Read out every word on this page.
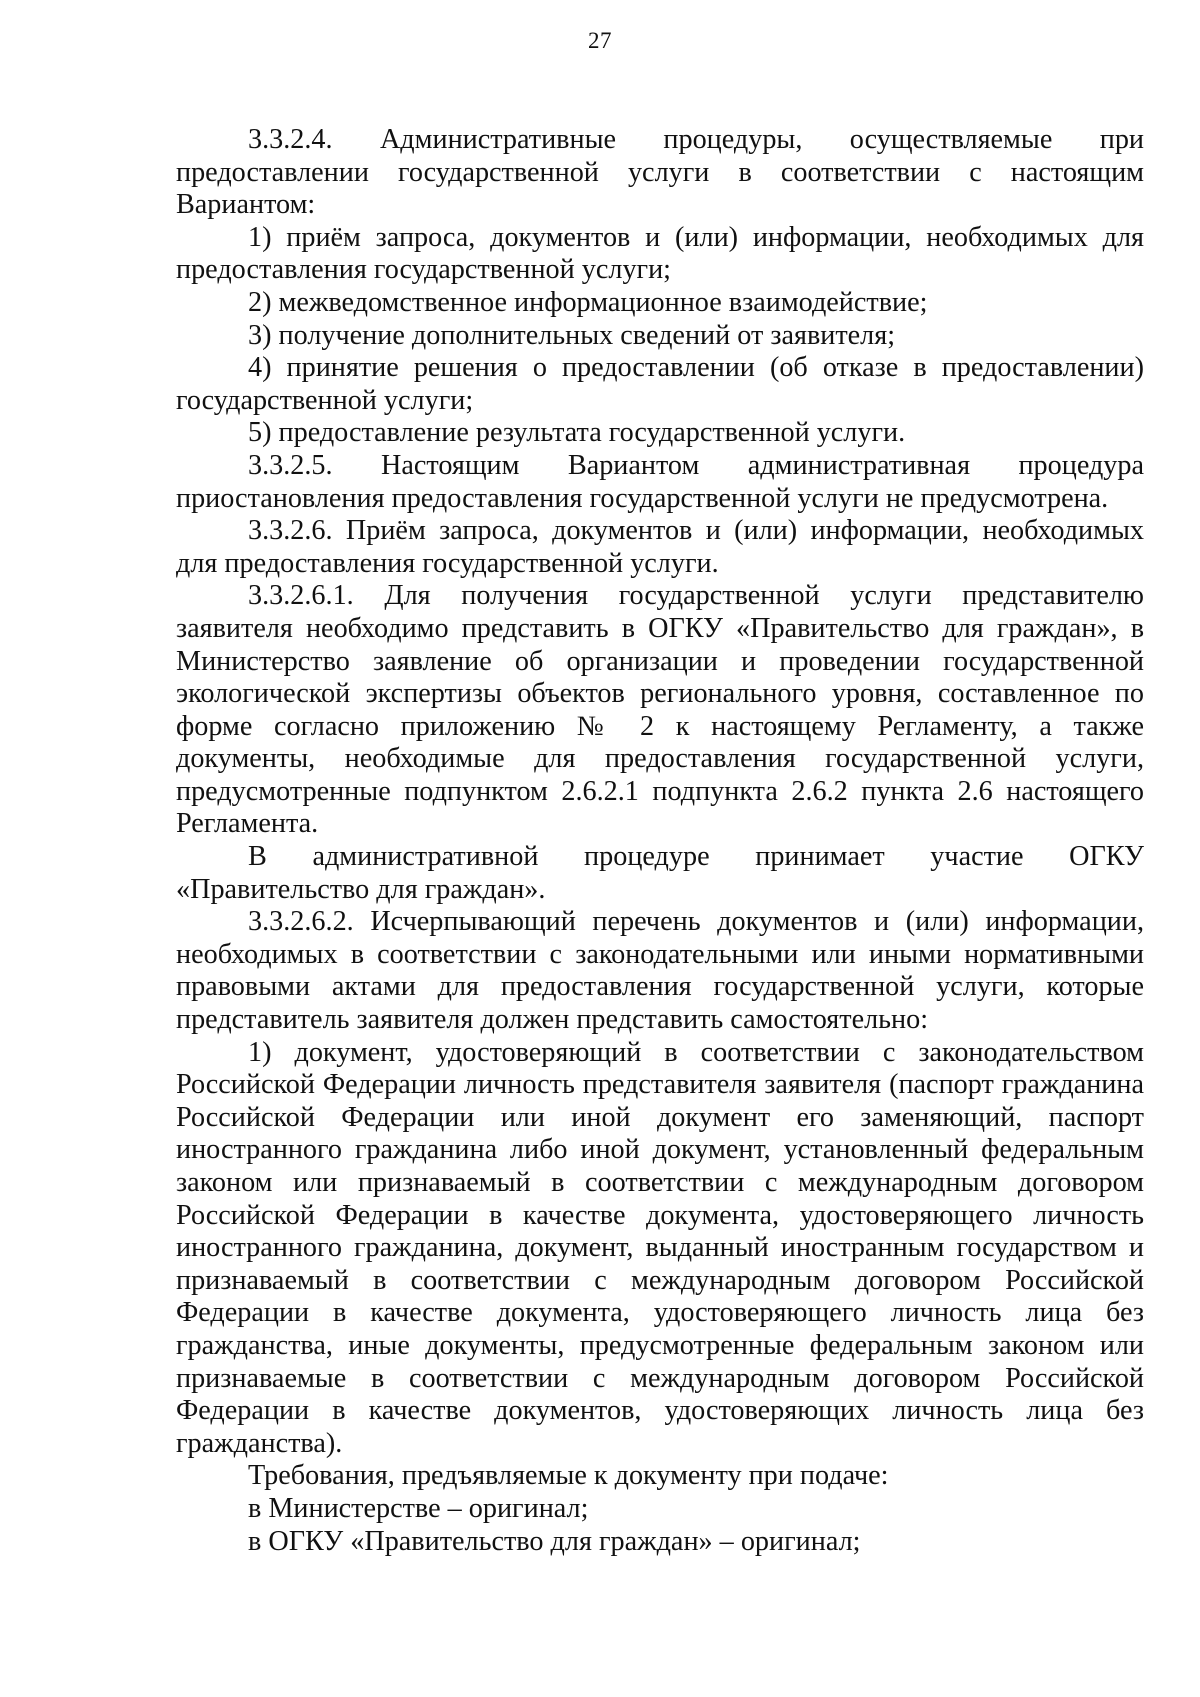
27

3.3.2.4. Административные процедуры, осуществляемые при предоставлении государственной услуги в соответствии с настоящим Вариантом:

1) приём запроса, документов и (или) информации, необходимых для предоставления государственной услуги;

2) межведомственное информационное взаимодействие;

3) получение дополнительных сведений от заявителя;

4) принятие решения о предоставлении (об отказе в предоставлении) государственной услуги;

5) предоставление результата государственной услуги.

3.3.2.5. Настоящим Вариантом административная процедура приостановления предоставления государственной услуги не предусмотрена.

3.3.2.6. Приём запроса, документов и (или) информации, необходимых для предоставления государственной услуги.

3.3.2.6.1. Для получения государственной услуги представителю заявителя необходимо представить в ОГКУ «Правительство для граждан», в Министерство заявление об организации и проведении государственной экологической экспертизы объектов регионального уровня, составленное по форме согласно приложению № 2 к настоящему Регламенту, а также документы, необходимые для предоставления государственной услуги, предусмотренные подпунктом 2.6.2.1 подпункта 2.6.2 пункта 2.6 настоящего Регламента.

В административной процедуре принимает участие ОГКУ «Правительство для граждан».

3.3.2.6.2. Исчерпывающий перечень документов и (или) информации, необходимых в соответствии с законодательными или иными нормативными правовыми актами для предоставления государственной услуги, которые представитель заявителя должен представить самостоятельно:

1) документ, удостоверяющий в соответствии с законодательством Российской Федерации личность представителя заявителя (паспорт гражданина Российской Федерации или иной документ его заменяющий, паспорт иностранного гражданина либо иной документ, установленный федеральным законом или признаваемый в соответствии с международным договором Российской Федерации в качестве документа, удостоверяющего личность иностранного гражданина, документ, выданный иностранным государством и признаваемый в соответствии с международным договором Российской Федерации в качестве документа, удостоверяющего личность лица без гражданства, иные документы, предусмотренные федеральным законом или признаваемые в соответствии с международным договором Российской Федерации в качестве документов, удостоверяющих личность лица без гражданства).

Требования, предъявляемые к документу при подаче:

в Министерстве – оригинал;

в ОГКУ «Правительство для граждан» – оригинал;
